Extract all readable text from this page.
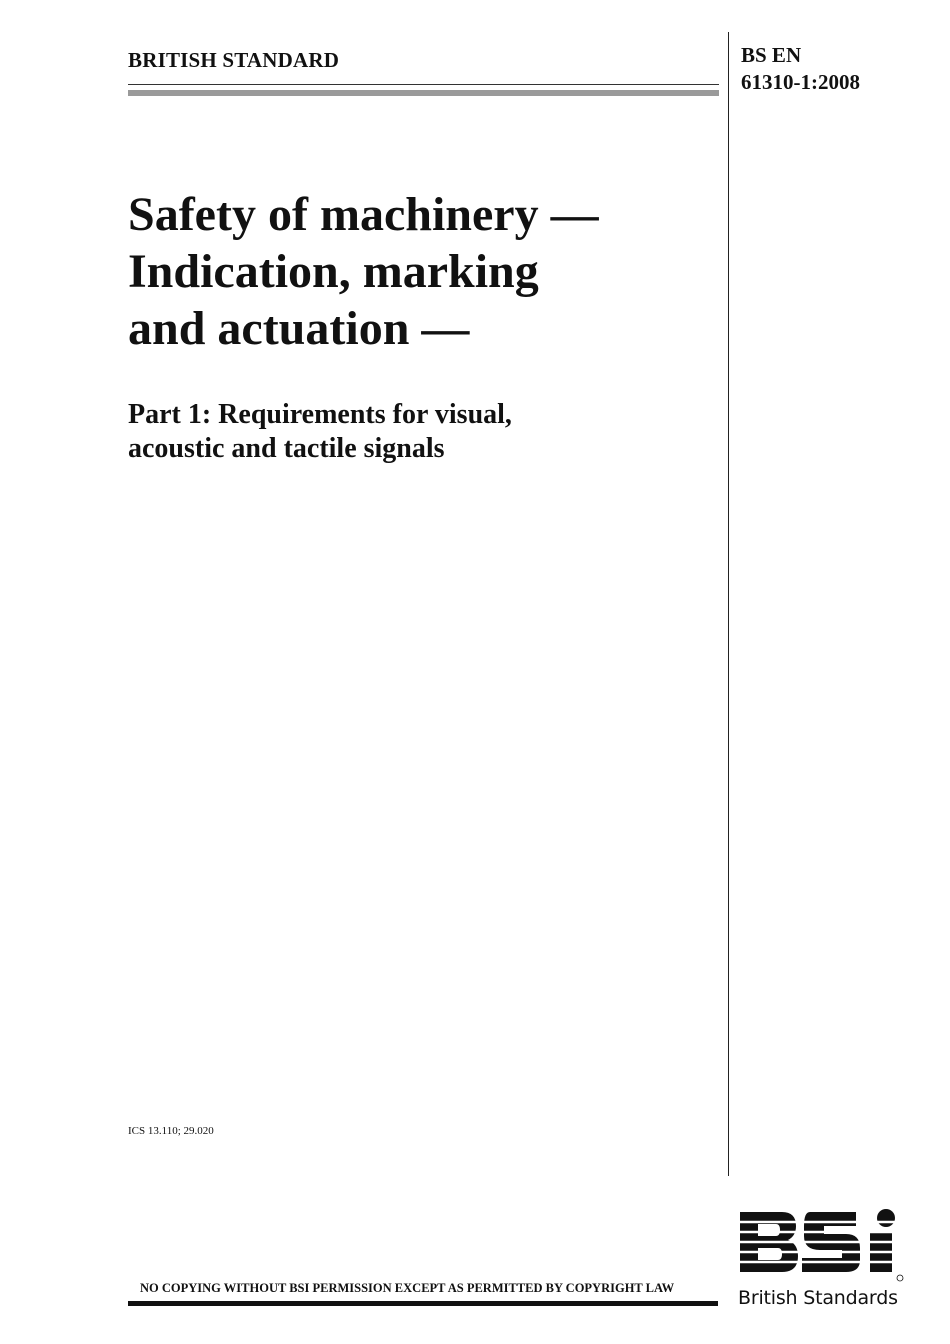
BRITISH STANDARD	BS EN
61310-1:2008
Safety of machinery —
Indication, marking
and actuation —
Part 1: Requirements for visual,
acoustic and tactile signals
ICS 13.110; 29.020
NO COPYING WITHOUT BSI PERMISSION EXCEPT AS PERMITTED BY COPYRIGHT LAW	British Standards
